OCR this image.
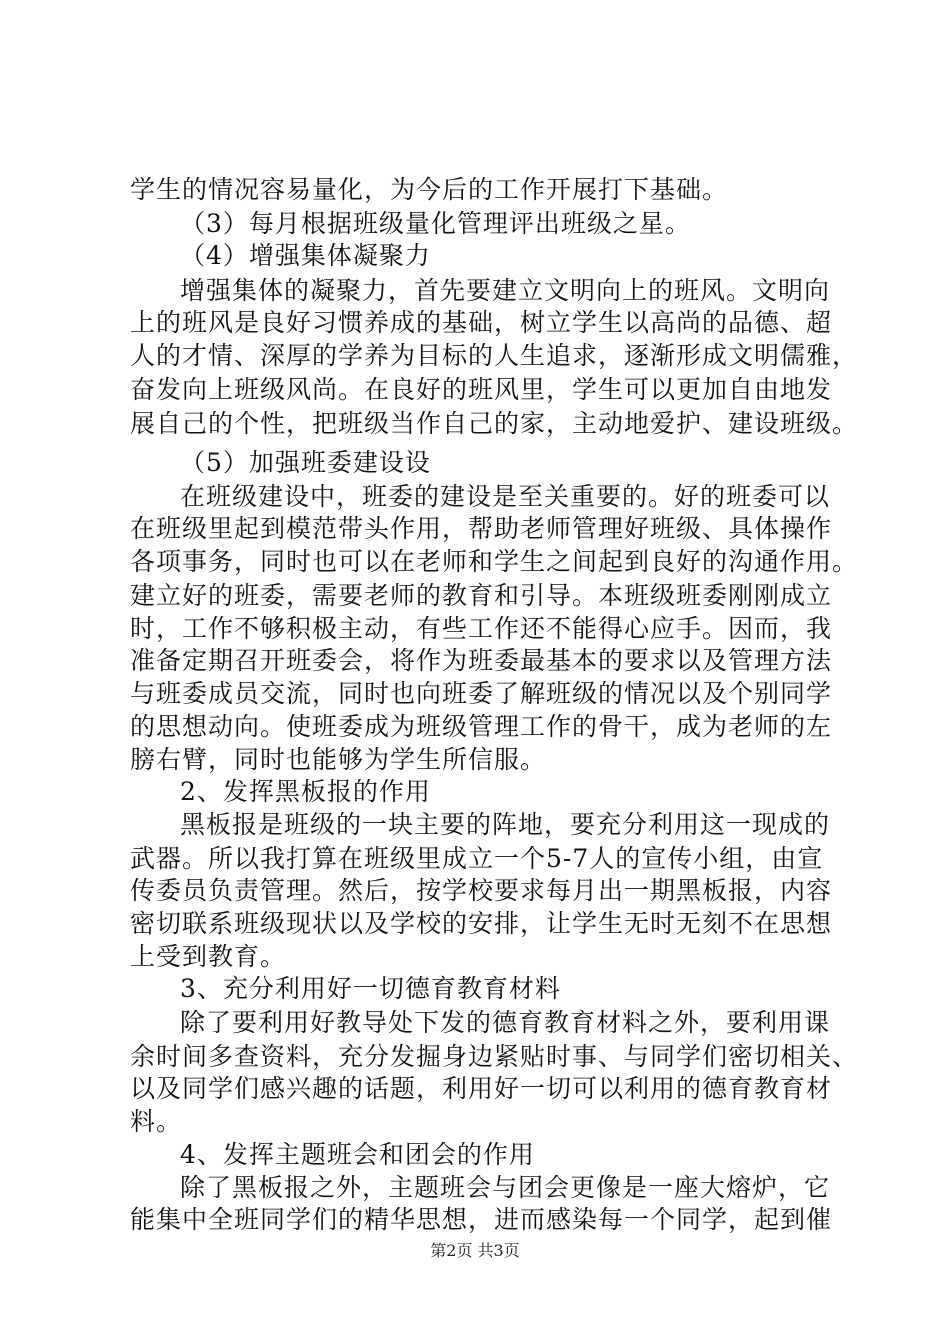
第2页 共3页
学生的情况容易量化，为今后的工作开展打下基础。
（3）每月根据班级量化管理评出班级之星。
（4）增强集体凝聚力
增强集体的凝聚力，首先要建立文明向上的班风。文明向
上的班风是良好习惯养成的基础，树立学生以高尚的品德、超
人的才情、深厚的学养为目标的人生追求，逐渐形成文明儒雅，
奋发向上班级风尚。在良好的班风里，学生可以更加自由地发
展自己的个性，把班级当作自己的家，主动地爱护、建设班级。
（5）加强班委建设设
在班级建设中，班委的建设是至关重要的。好的班委可以
在班级里起到模范带头作用，帮助老师管理好班级、具体操作
各项事务，同时也可以在老师和学生之间起到良好的沟通作用。
建立好的班委，需要老师的教育和引导。本班级班委刚刚成立
时，工作不够积极主动，有些工作还不能得心应手。因而，我
准备定期召开班委会，将作为班委最基本的要求以及管理方法
与班委成员交流，同时也向班委了解班级的情况以及个别同学
的思想动向。使班委成为班级管理工作的骨干，成为老师的左
膀右臂，同时也能够为学生所信服。
2、发挥黑板报的作用
黑板报是班级的一块主要的阵地，要充分利用这一现成的
武器。所以我打算在班级里成立一个5-7人的宣传小组，由宣
传委员负责管理。然后，按学校要求每月出一期黑板报，内容
密切联系班级现状以及学校的安排，让学生无时无刻不在思想
上受到教育。
3、充分利用好一切德育教育材料
除了要利用好教导处下发的德育教育材料之外，要利用课
余时间多查资料，充分发掘身边紧贴时事、与同学们密切相关、
以及同学们感兴趣的话题，利用好一切可以利用的德育教育材
料。
4、发挥主题班会和团会的作用
除了黑板报之外，主题班会与团会更像是一座大熔炉，它
能集中全班同学们的精华思想，进而感染每一个同学，起到催
